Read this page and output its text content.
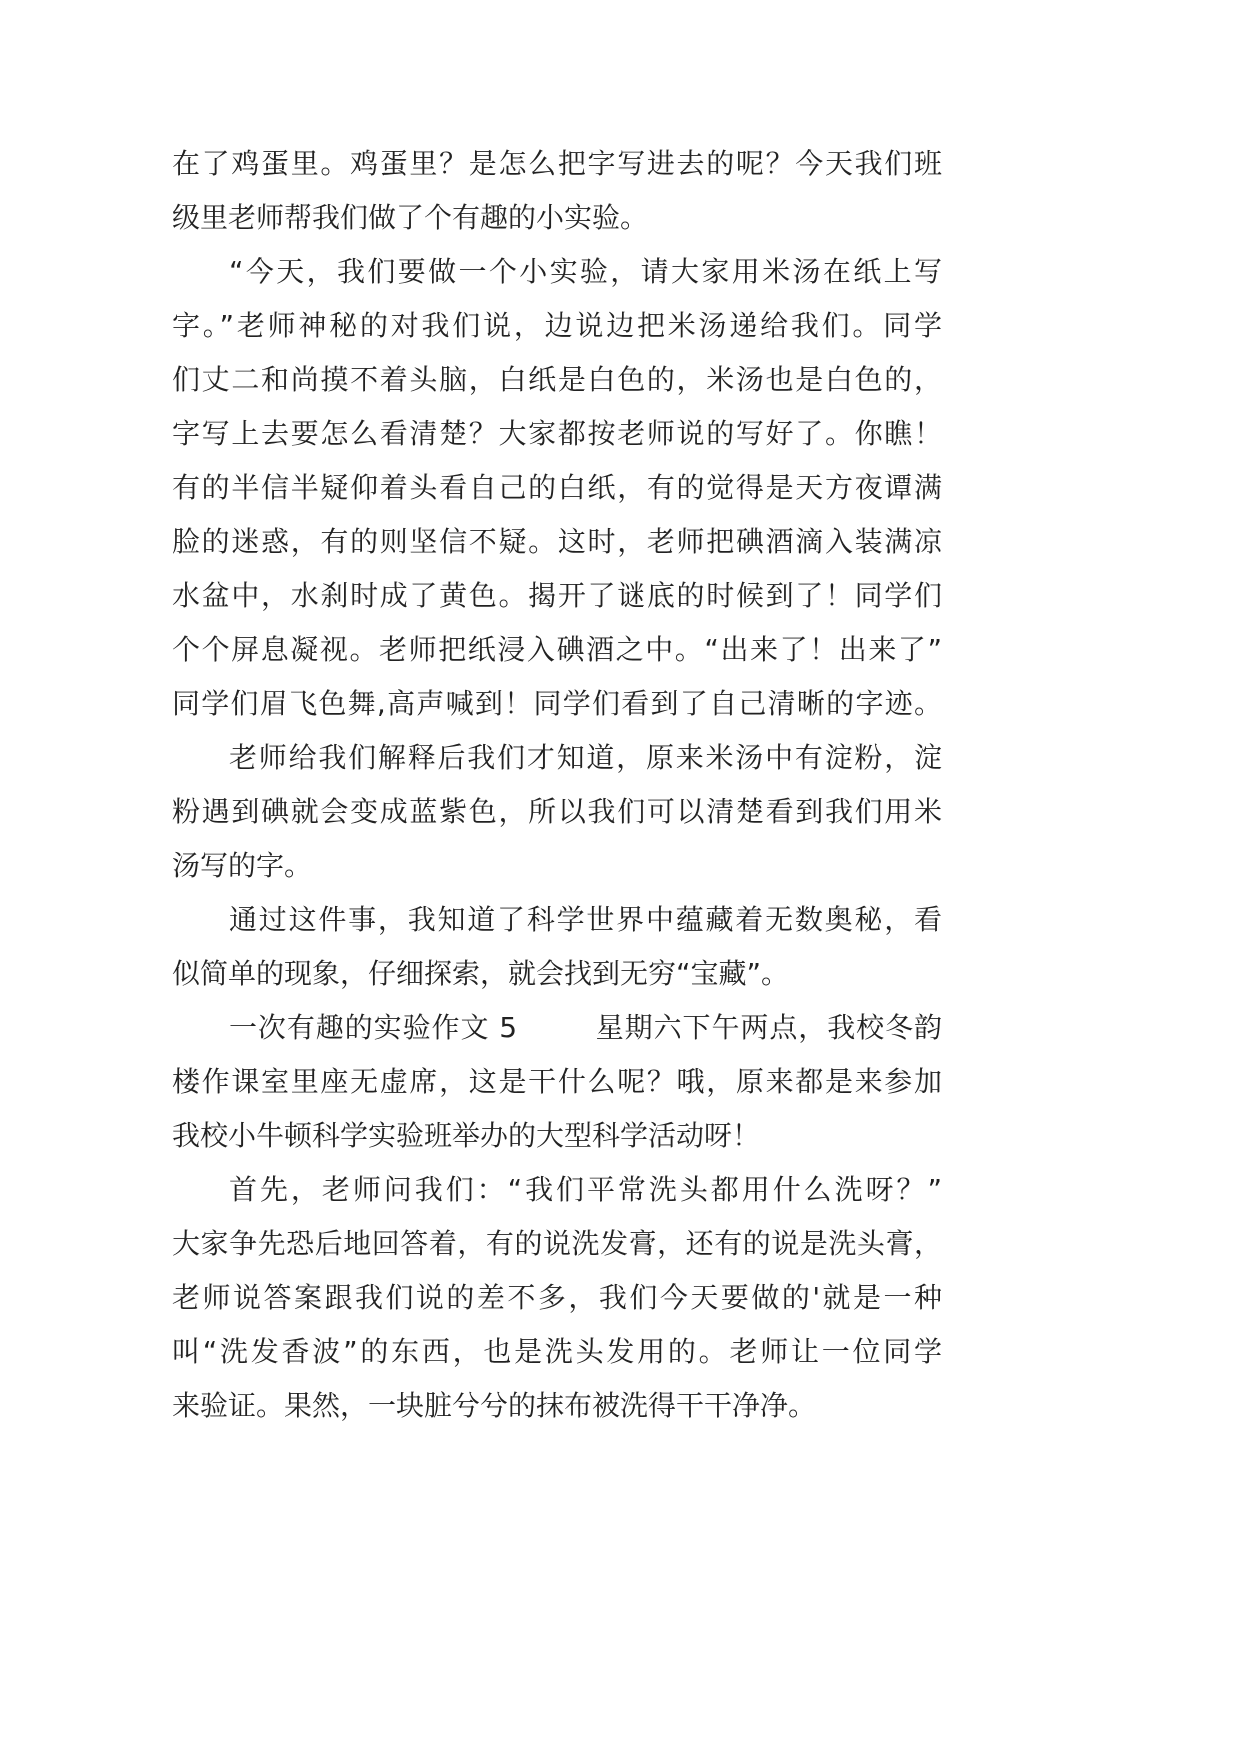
在了鸡蛋里。鸡蛋里？是怎么把字写进去的呢？今天我们班
级里老师帮我们做了个有趣的小实验。
“今天，我们要做一个小实验，请大家用米汤在纸上写
字。”老师神秘的对我们说，边说边把米汤递给我们。同学
们丈二和尚摸不着头脑，白纸是白色的，米汤也是白色的，
字写上去要怎么看清楚？大家都按老师说的写好了。你瞧！
有的半信半疑仰着头看自己的白纸，有的觉得是天方夜谭满
脸的迷惑，有的则坚信不疑。这时，老师把碘酒滴入装满凉
水盆中，水刹时成了黄色。揭开了谜底的时候到了！同学们
个个屏息凝视。老师把纸浸入碘酒之中。“出来了！出来了”
同学们眉飞色舞,高声喊到！同学们看到了自己清晰的字迹。
老师给我们解释后我们才知道，原来米汤中有淀粉，淀
粉遇到碘就会变成蓝紫色，所以我们可以清楚看到我们用米
汤写的字。
通过这件事，我知道了科学世界中蕴藏着无数奥秘，看
似简单的现象，仔细探索，就会找到无穷“宝藏”。
一次有趣的实验作文 5        星期六下午两点，我校冬韵
楼作课室里座无虚席，这是干什么呢？哦，原来都是来参加
我校小牛顿科学实验班举办的大型科学活动呀！
首先，老师问我们：“我们平常洗头都用什么洗呀？”
大家争先恐后地回答着，有的说洗发膏，还有的说是洗头膏，
老师说答案跟我们说的差不多，我们今天要做的'就是一种
叫“洗发香波”的东西，也是洗头发用的。老师让一位同学
来验证。果然，一块脏兮兮的抹布被洗得干干净净。
